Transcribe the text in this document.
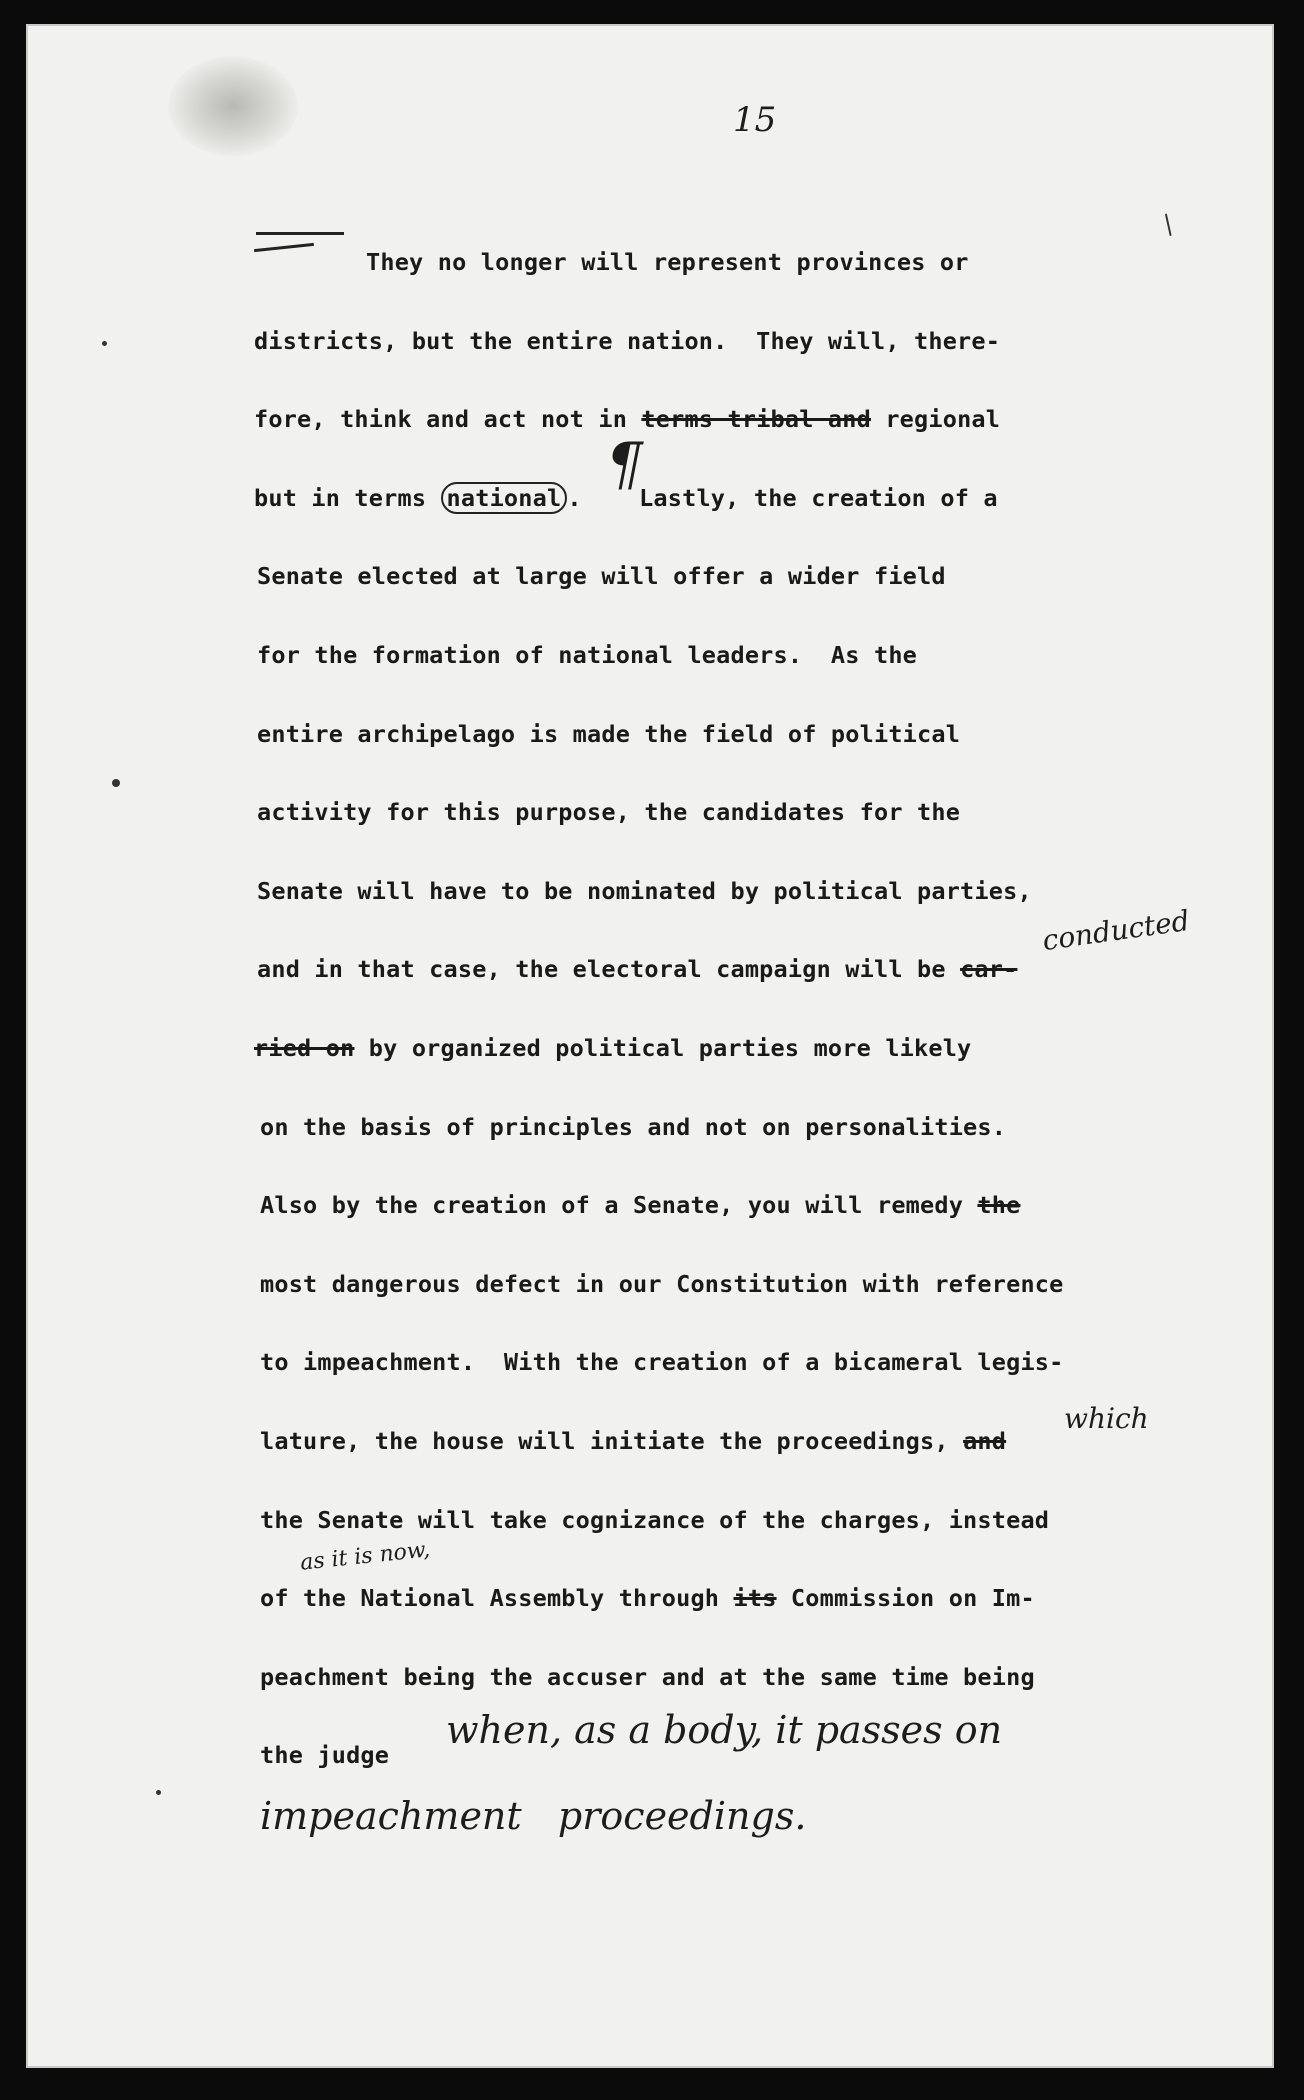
15
/
They no longer will represent provinces or
districts, but the entire nation.  They will, there-
fore, think and act not in terms tribal and regional
but in terms national .    Lastly, the creation of a
Senate elected at large will offer a wider field
for the formation of national leaders.  As the
entire archipelago is made the field of political
activity for this purpose, the candidates for the
Senate will have to be nominated by political parties,
and in that case, the electoral campaign will be car-
ried on by organized political parties more likely
on the basis of principles and not on personalities.
Also by the creation of a Senate, you will remedy the
most dangerous defect in our Constitution with reference
to impeachment.  With the creation of a bicameral legis-
lature, the house will initiate the proceedings, and
the Senate will take cognizance of the charges, instead
of the National Assembly through its Commission on Im-
peachment being the accuser and at the same time being
the judge
¶
conducted
which
as it is now,
when, as a body, it passes on
impeachment   proceedings.
